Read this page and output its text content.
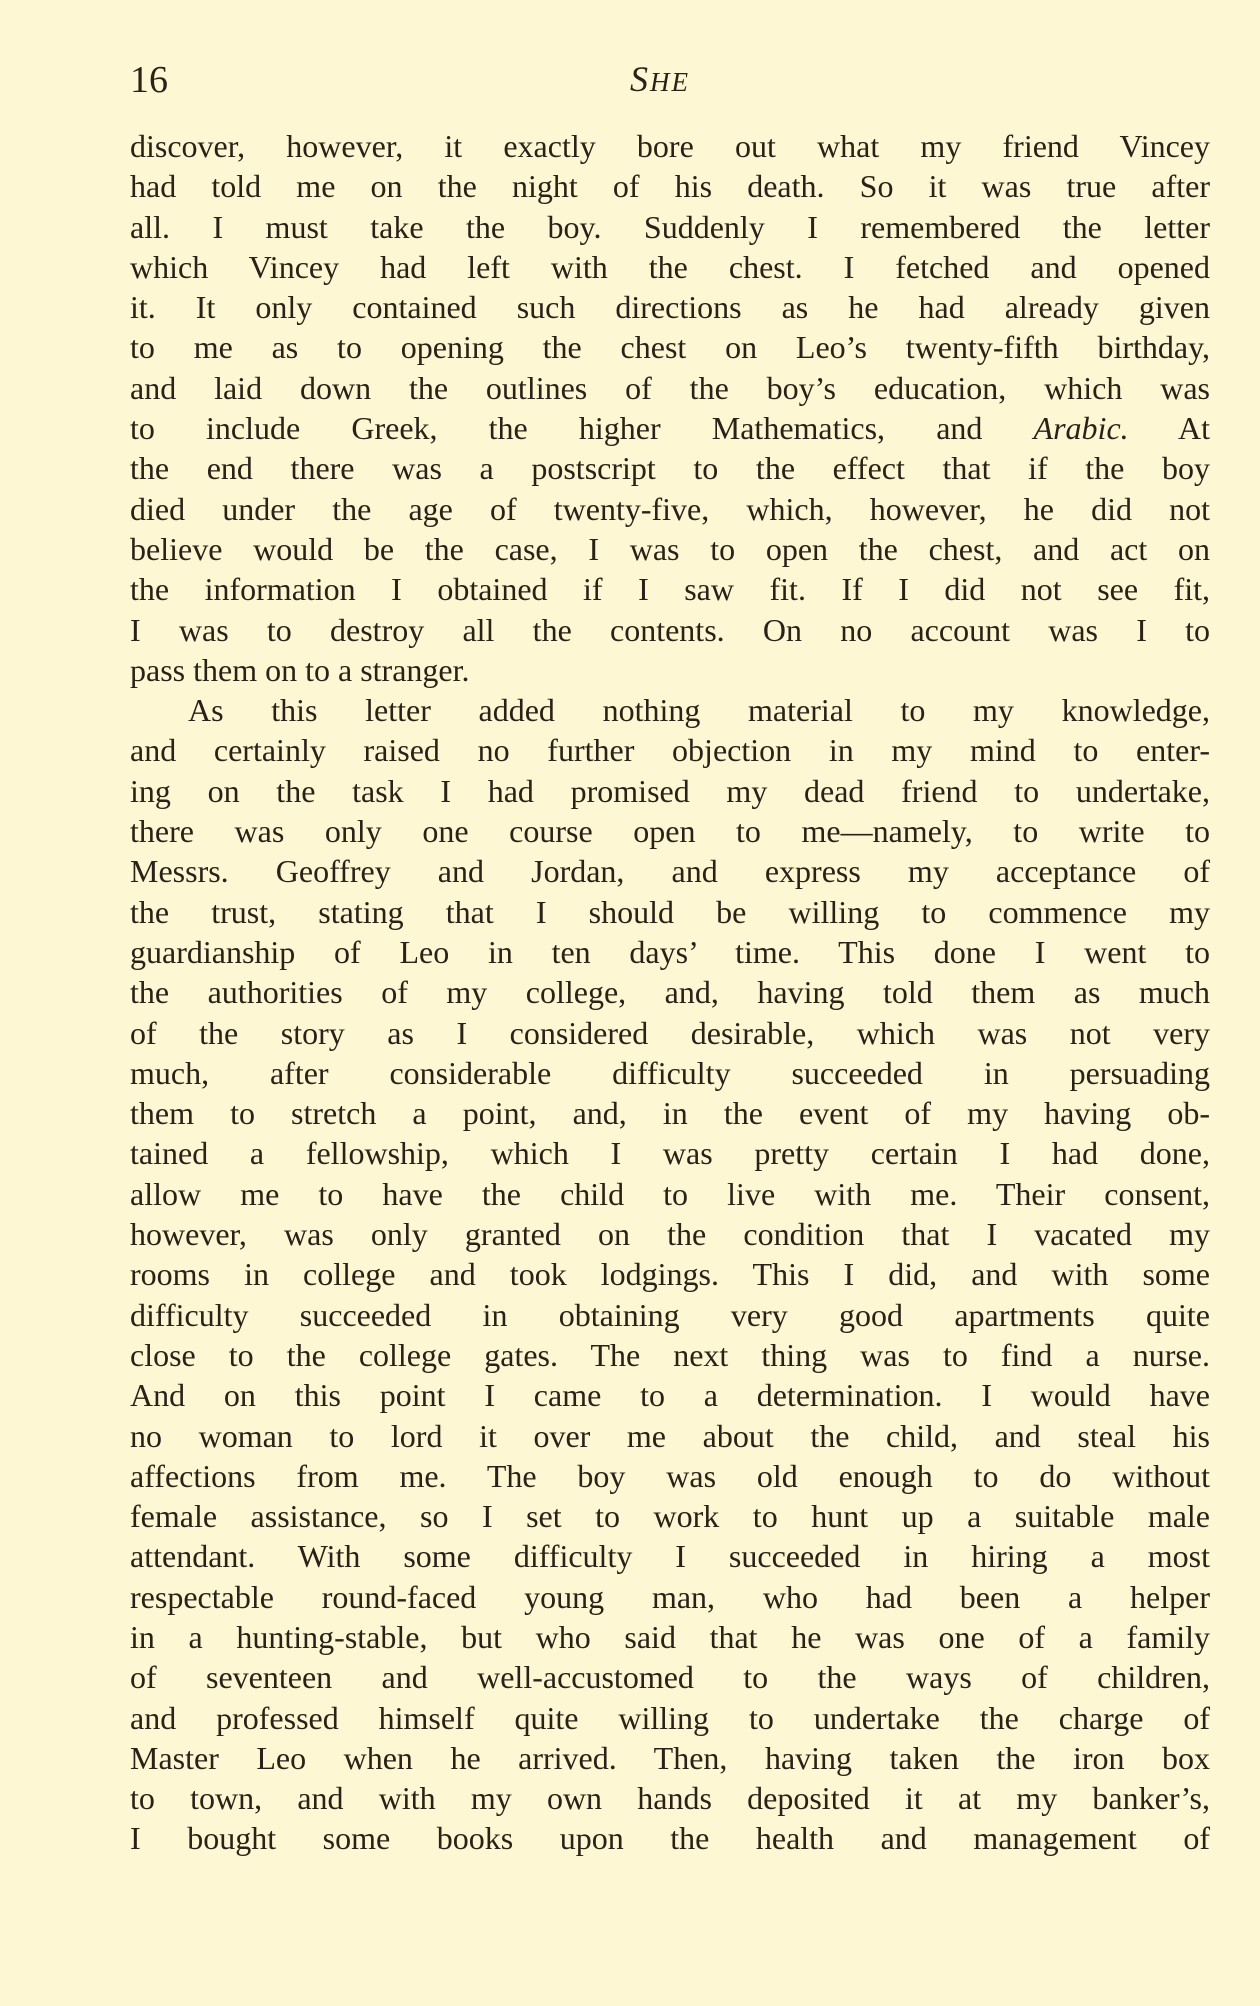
16	SHE
discover, however, it exactly bore out what my friend Vincey
had told me on the night of his death. So it was true after
all. I must take the boy. Suddenly I remembered the letter
which Vincey had left with the chest. I fetched and opened
it. It only contained such directions as he had already given
to me as to opening the chest on Leo’s twenty-fifth birthday,
and laid down the outlines of the boy’s education, which was
to include Greek, the higher Mathematics, and Arabic. At
the end there was a postscript to the effect that if the boy
died under the age of twenty-five, which, however, he did not
believe would be the case, I was to open the chest, and act on
the information I obtained if I saw fit. If I did not see fit,
I was to destroy all the contents. On no account was I to
pass them on to a stranger.
As this letter added nothing material to my knowledge,
and certainly raised no further objection in my mind to enter-
ing on the task I had promised my dead friend to undertake,
there was only one course open to me—namely, to write to
Messrs. Geoffrey and Jordan, and express my acceptance of
the trust, stating that I should be willing to commence my
guardianship of Leo in ten days’ time. This done I went to
the authorities of my college, and, having told them as much
of the story as I considered desirable, which was not very
much, after considerable difficulty succeeded in persuading
them to stretch a point, and, in the event of my having ob-
tained a fellowship, which I was pretty certain I had done,
allow me to have the child to live with me. Their consent,
however, was only granted on the condition that I vacated my
rooms in college and took lodgings. This I did, and with some
difficulty succeeded in obtaining very good apartments quite
close to the college gates. The next thing was to find a nurse.
And on this point I came to a determination. I would have
no woman to lord it over me about the child, and steal his
affections from me. The boy was old enough to do without
female assistance, so I set to work to hunt up a suitable male
attendant. With some difficulty I succeeded in hiring a most
respectable round-faced young man, who had been a helper
in a hunting-stable, but who said that he was one of a family
of seventeen and well-accustomed to the ways of children,
and professed himself quite willing to undertake the charge of
Master Leo when he arrived. Then, having taken the iron box
to town, and with my own hands deposited it at my banker’s,
I bought some books upon the health and management of
